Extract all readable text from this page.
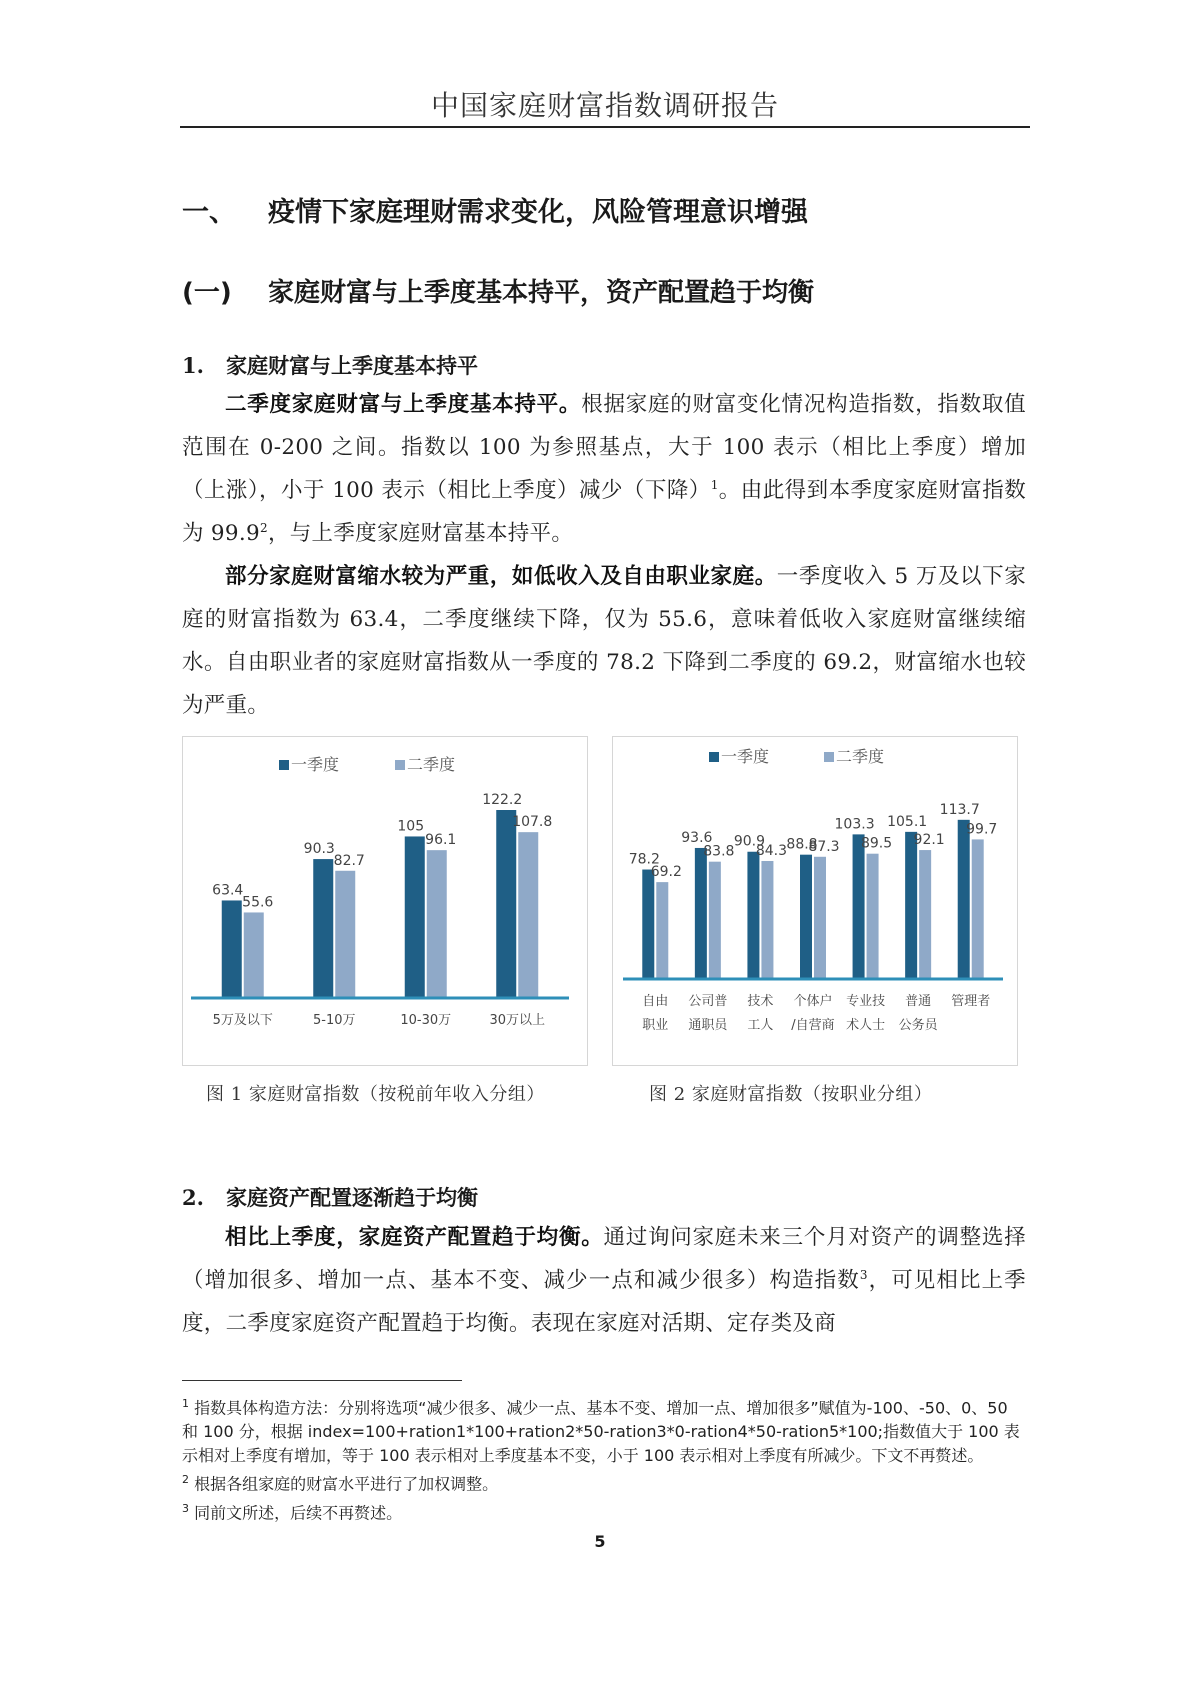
中国家庭财富指数调研报告
一、 疫情下家庭理财需求变化，风险管理意识增强
(一) 家庭财富与上季度基本持平，资产配置趋于均衡
1. 家庭财富与上季度基本持平

二季度家庭财富与上季度基本持平。根据家庭的财富变化情况构造指数，指数取值范围在 0-200 之间。指数以 100 为参照基点，大于 100 表示（相比上季度）增加（上涨），小于 100 表示（相比上季度）减少（下降）$^1$。由此得到本季度家庭财富指数为 99.9$^2$，与上季度家庭财富基本持平。

部分家庭财富缩水较为严重，如低收入及自由职业家庭。一季度收入 5 万及以下家庭的财富指数为 63.4，二季度继续下降，仅为 55.6，意味着低收入家庭财富继续缩水。自由职业者的家庭财富指数从一季度的 78.2 下降到二季度的 69.2，财富缩水也较为严重。

一季度	二季度
63.4
55.6
5万及以下
90.3
82.7
5-10万
105
96.1
10-30万
122.2
107.8
30万以上
一季度	二季度
78.2
69.2
自由
职业
93.6
83.8
公司普
通职员
90.9
84.3
技术
工人
88.8
87.3
个体户
/自营商
103.3
89.5
专业技
术人士
105.1
92.1
普通
公务员
113.7
99.7
管理者
图 1 家庭财富指数（按税前年收入分组）	图 2 家庭财富指数（按职业分组）
2. 家庭资产配置逐渐趋于均衡

相比上季度，家庭资产配置趋于均衡。通过询问家庭未来三个月对资产的调整选择（增加很多、增加一点、基本不变、减少一点和减少很多）构造指数$^3$，可见相比上季度，二季度家庭资产配置趋于均衡。表现在家庭对活期、定存类及商

$^1$ 指数具体构造方法：分别将选项“减少很多、减少一点、基本不变、增加一点、增加很多”赋值为-100、-50、0、50 和 100 分，根据 index=100+ration1*100+ration2*50-ration3*0-ration4*50-ration5*100;指数值大于 100 表示相对上季度有增加，等于 100 表示相对上季度基本不变，小于 100 表示相对上季度有所减少。下文不再赘述。

$^2$ 根据各组家庭的财富水平进行了加权调整。

$^3$ 同前文所述，后续不再赘述。

5
